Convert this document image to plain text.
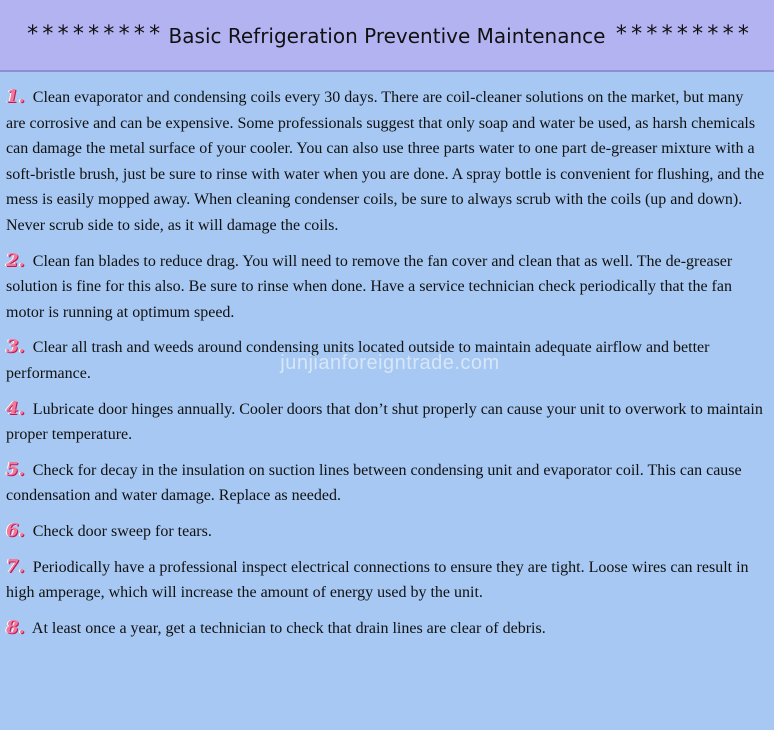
********* Basic Refrigeration Preventive Maintenance *********
1. Clean evaporator and condensing coils every 30 days. There are coil-cleaner solutions on the market, but many are corrosive and can be expensive. Some professionals suggest that only soap and water be used, as harsh chemicals can damage the metal surface of your cooler. You can also use three parts water to one part de-greaser mixture with a soft-bristle brush, just be sure to rinse with water when you are done. A spray bottle is convenient for flushing, and the mess is easily mopped away. When cleaning condenser coils, be sure to always scrub with the coils (up and down). Never scrub side to side, as it will damage the coils.
2. Clean fan blades to reduce drag. You will need to remove the fan cover and clean that as well. The de-greaser solution is fine for this also. Be sure to rinse when done. Have a service technician check periodically that the fan motor is running at optimum speed.
3. Clear all trash and weeds around condensing units located outside to maintain adequate airflow and better performance.
4. Lubricate door hinges annually. Cooler doors that don’t shut properly can cause your unit to overwork to maintain proper temperature.
5. Check for decay in the insulation on suction lines between condensing unit and evaporator coil. This can cause condensation and water damage. Replace as needed.
6. Check door sweep for tears.
7. Periodically have a professional inspect electrical connections to ensure they are tight. Loose wires can result in high amperage, which will increase the amount of energy used by the unit.
8. At least once a year, get a technician to check that drain lines are clear of debris.
junjianforeigntrade.com
